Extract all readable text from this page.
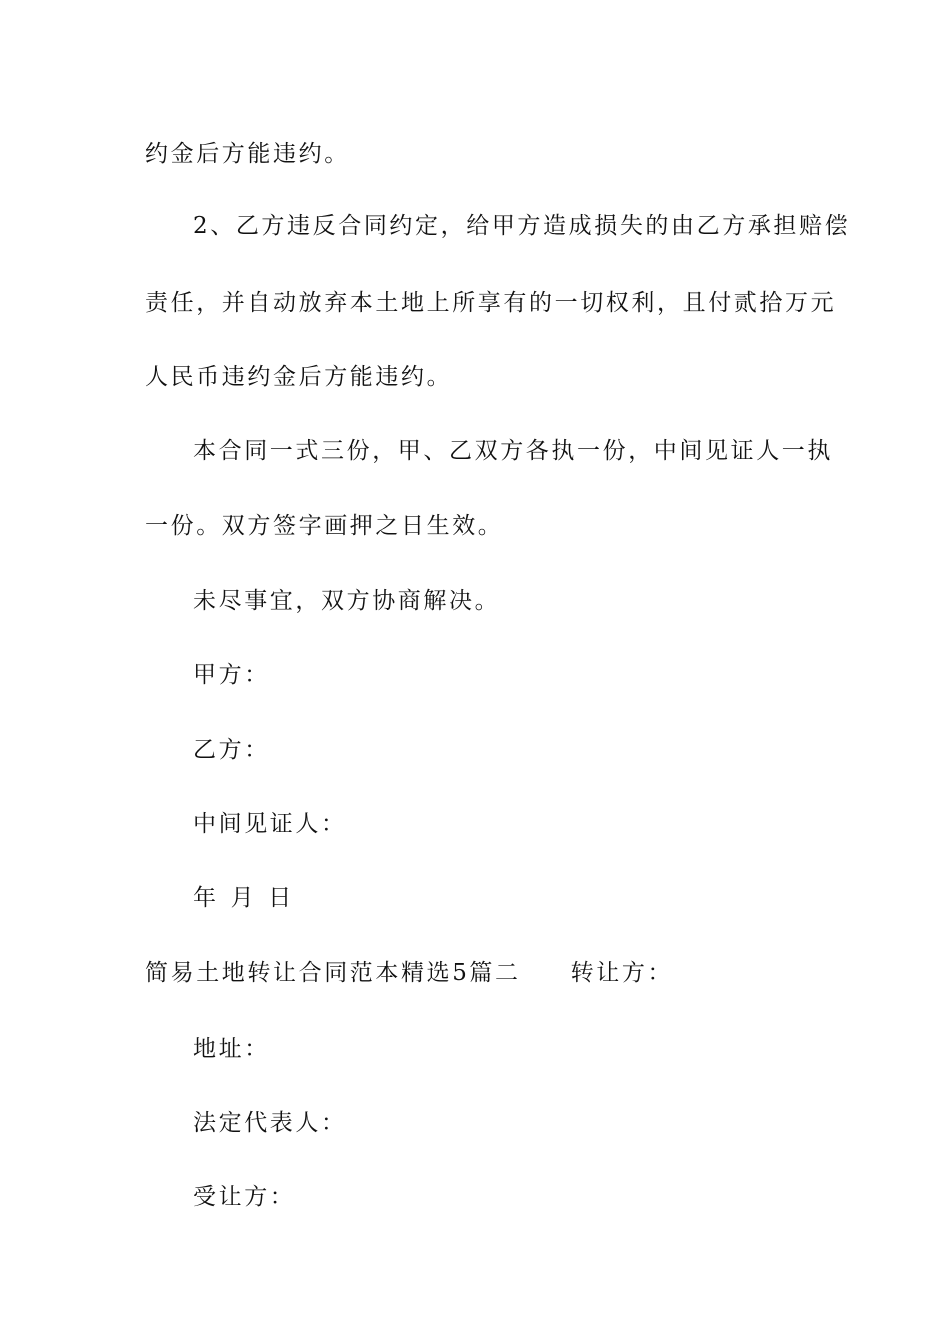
约金后方能违约。
2、乙方违反合同约定，给甲方造成损失的由乙方承担赔偿
责任，并自动放弃本土地上所享有的一切权利，且付贰拾万元
人民币违约金后方能违约。
本合同一式三份，甲、乙双方各执一份，中间见证人一执
一份。双方签字画押之日生效。
未尽事宜，双方协商解决。
甲方：
乙方：
中间见证人：
年 月 日
简易土地转让合同范本精选5篇二 转让方：
地址：
法定代表人：
受让方：
